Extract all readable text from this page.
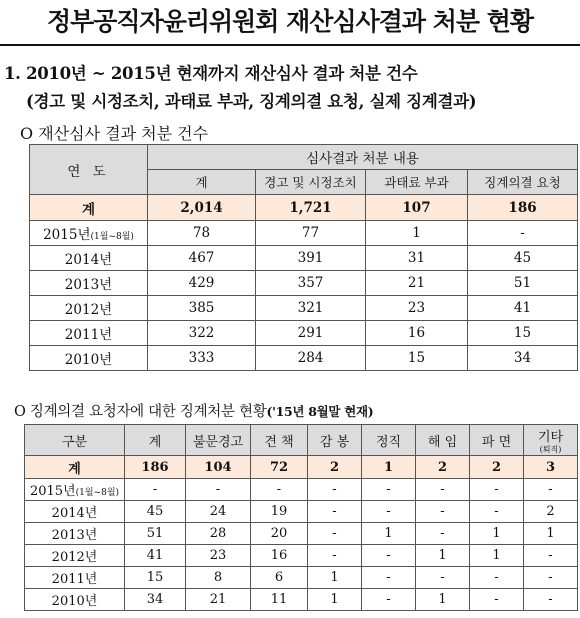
정부공직자윤리위원회 재산심사결과 처분 현황
1. 2010년 ~ 2015년 현재까지 재산심사 결과 처분 건수
(경고 및 시정조치, 과태료 부과, 징계의결 요청, 실제 징계결과)
O 재산심사 결과 처분 건수
연 도	심사결과 처분 내용			
	계	경고 및 시정조치	과태료 부과	징계의결 요청
계	2,014	1,721	107	186
2015년(1월~8월)	78	77	1	-
2014년	467	391	31	45
2013년	429	357	21	51
2012년	385	321	23	41
2011년	322	291	16	15
2010년	333	284	15	34
O 징계의결 요청자에 대한 징계처분 현황('15년 8월말 현재)
구분	계	불문경고	견 책	감 봉	정직	해 임	파 면	기타
(퇴직)

계	186	104	72	2	1	2	2	3
2015년(1월~8월)	-	-	-	-	-	-	-	-
2014년	45	24	19	-	-	-	-	2
2013년	51	28	20	-	1	-	1	1
2012년	41	23	16	-	-	1	1	-
2011년	15	8	6	1	-	-	-	-
2010년	34	21	11	1	-	1	-	-
